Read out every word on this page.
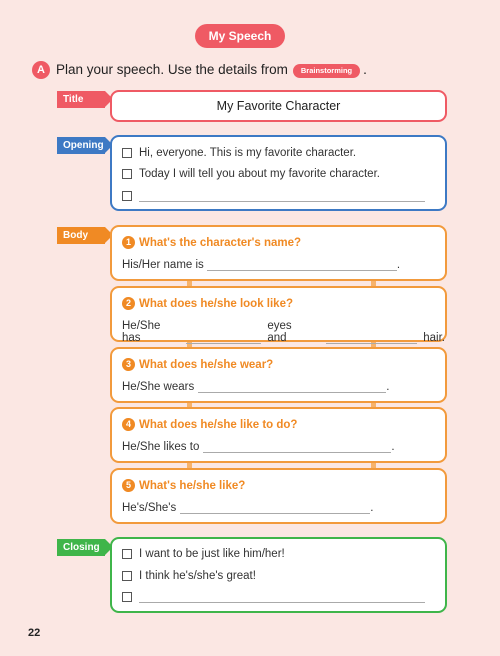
My Speech
A Plan your speech. Use the details from Brainstorming .
Title	My Favorite Character
Opening
Hi, everyone. This is my favorite character.
Today I will tell you about my favorite character.
Body
1 What's the character's name?
His/Her name is	.
2 What does he/she look like?
He/She has
eyes and	hair.
3 What does he/she wear?
He/She wears	.
4 What does he/she like to do?
He/She likes to	.
5 What's he/she like?
He's/She's	.
Closing
I want to be just like him/her!
I think he's/she's great!
22
